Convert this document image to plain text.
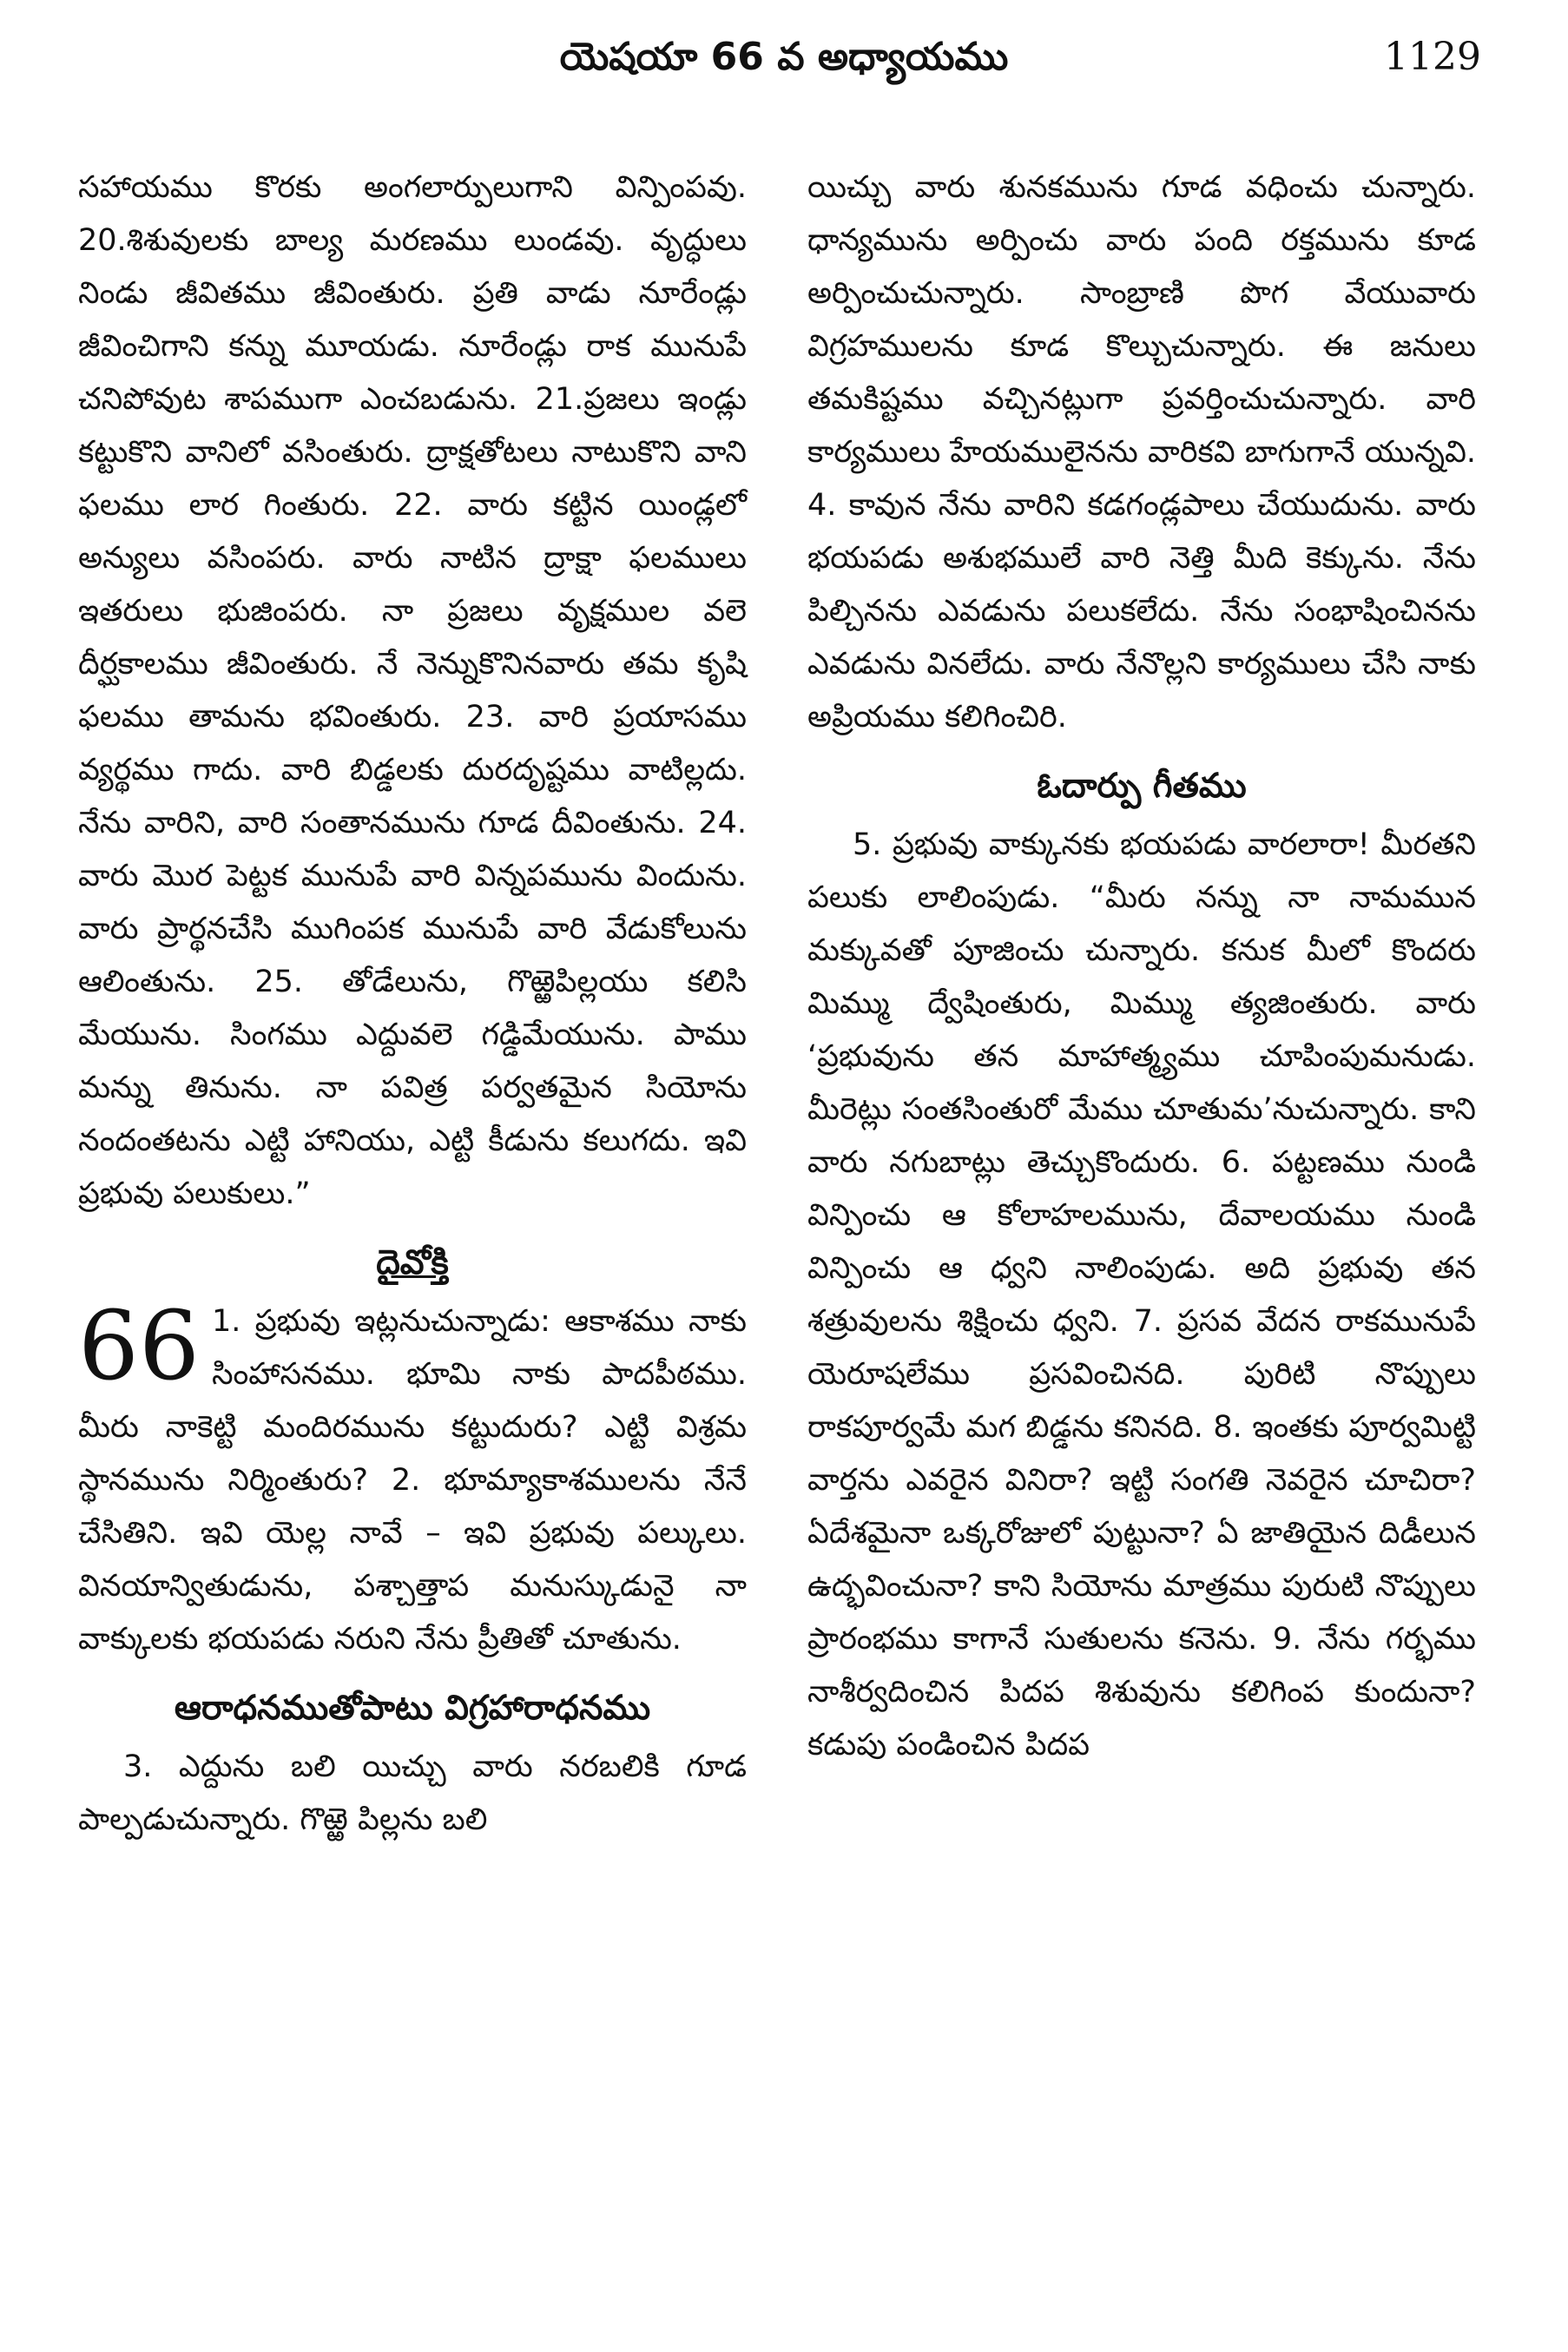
యెషయా 66 వ అధ్యాయము	1129

సహాయము కొరకు అంగలార్పులుగాని విన్పింపవు. 20.శిశువులకు బాల్య మరణము లుండవు. వృద్ధులు నిండు జీవితము జీవింతురు. ప్రతి వాడు నూరేండ్లు జీవించిగాని కన్ను మూయడు. నూరేండ్లు రాక మునుపే చనిపోవుట శాపముగా ఎంచబడును. 21.ప్రజలు ఇండ్లు కట్టుకొని వానిలో వసింతురు. ద్రాక్షతోటలు నాటుకొని వాని ఫలము లార గింతురు. 22. వారు కట్టిన యిండ్లలో అన్యులు వసింపరు. వారు నాటిన ద్రాక్షా ఫలములు ఇతరులు భుజింపరు. నా ప్రజలు వృక్షముల వలె దీర్ఘకాలము జీవింతురు. నే నెన్నుకొనినవారు తమ కృషి ఫలము తామను భవింతురు. 23. వారి ప్రయాసము వ్యర్థము గాదు. వారి బిడ్డలకు దురదృష్టము వాటిల్లదు. నేను వారిని, వారి సంతానమును గూడ దీవింతును. 24. వారు మొర పెట్టక మునుపే వారి విన్నపమును విందును. వారు ప్రార్థనచేసి ముగింపక మునుపే వారి వేడుకోలును ఆలింతును. 25. తోడేలును, గొఱ్ఱెపిల్లయు కలిసి మేయును. సింగము ఎద్దువలె గడ్డిమేయును. పాము మన్ను తినును. నా పవిత్ర పర్వతమైన సియోను నందంతటను ఎట్టి హానియు, ఎట్టి కీడును కలుగదు. ఇవి ప్రభువు పలుకులు.”

దైవోక్తి

66 1. ప్రభువు ఇట్లనుచున్నాడు: ఆకాశము నాకు సింహాసనము. భూమి నాకు పాదపీఠము. మీరు నాకెట్టి మందిరమును కట్టుదురు? ఎట్టి విశ్రమ స్థానమును నిర్మింతురు? 2. భూమ్యాకాశములను నేనే చేసితిని. ఇవి యెల్ల నావే – ఇవి ప్రభువు పల్కులు. వినయాన్వితుడును, పశ్చాత్తాప మనుస్కుడునై నా వాక్కులకు భయపడు నరుని నేను ప్రీతితో చూతును.

ఆరాధనముతోపాటు విగ్రహారాధనము

3. ఎద్దును బలి యిచ్చు వారు నరబలికి గూడ పాల్పడుచున్నారు. గొఱ్ఱె పిల్లను బలి

యిచ్చు వారు శునకమును గూడ వధించు చున్నారు. ధాన్యమును అర్పించు వారు పంది రక్తమును కూడ అర్పించుచున్నారు. సాంబ్రాణి పొగ వేయువారు విగ్రహములను కూడ కొల్చుచున్నారు. ఈ జనులు తమకిష్టము వచ్చినట్లుగా ప్రవర్తించుచున్నారు. వారి కార్యములు హేయములైనను వారికవి బాగుగానే యున్నవి. 4. కావున నేను వారిని కడగండ్లపాలు చేయుదును. వారు భయపడు అశుభములే వారి నెత్తి మీది కెక్కును. నేను పిల్చినను ఎవడును పలుకలేదు. నేను సంభాషించినను ఎవడును వినలేదు. వారు నేనొల్లని కార్యములు చేసి నాకు అప్రియము కలిగించిరి.

ఓదార్పు గీతము

5. ప్రభువు వాక్కునకు భయపడు వారలారా! మీరతని పలుకు లాలింపుడు. “మీరు నన్ను నా నామమున మక్కువతో పూజించు చున్నారు. కనుక మీలో కొందరు మిమ్ము ద్వేషింతురు, మిమ్ము త్యజింతురు. వారు ‘ప్రభువును తన మాహాత్మ్యము చూపింపుమనుడు. మీరెట్లు సంతసింతురో మేము చూతుమ’నుచున్నారు. కాని వారు నగుబాట్లు తెచ్చుకొందురు. 6. పట్టణము నుండి విన్పించు ఆ కోలాహలమును, దేవాలయము నుండి విన్పించు ఆ ధ్వని నాలింపుడు. అది ప్రభువు తన శత్రువులను శిక్షించు ధ్వని. 7. ప్రసవ వేదన రాకమునుపే యెరూషలేము ప్రసవించినది. పురిటి నొప్పులు రాకపూర్వమే మగ బిడ్డను కనినది. 8. ఇంతకు పూర్వమిట్టి వార్తను ఎవరైన వినిరా? ఇట్టి సంగతి నెవరైన చూచిరా? ఏదేశమైనా ఒక్కరోజులో పుట్టునా? ఏ జాతియైన దిడీలున ఉద్భవించునా? కాని సియోను మాత్రము పురుటి నొప్పులు ప్రారంభము కాగానే సుతులను కనెను. 9. నేను గర్భము నాశీర్వదించిన పిదప శిశువును కలిగింప కుందునా? కడుపు పండించిన పిదప
